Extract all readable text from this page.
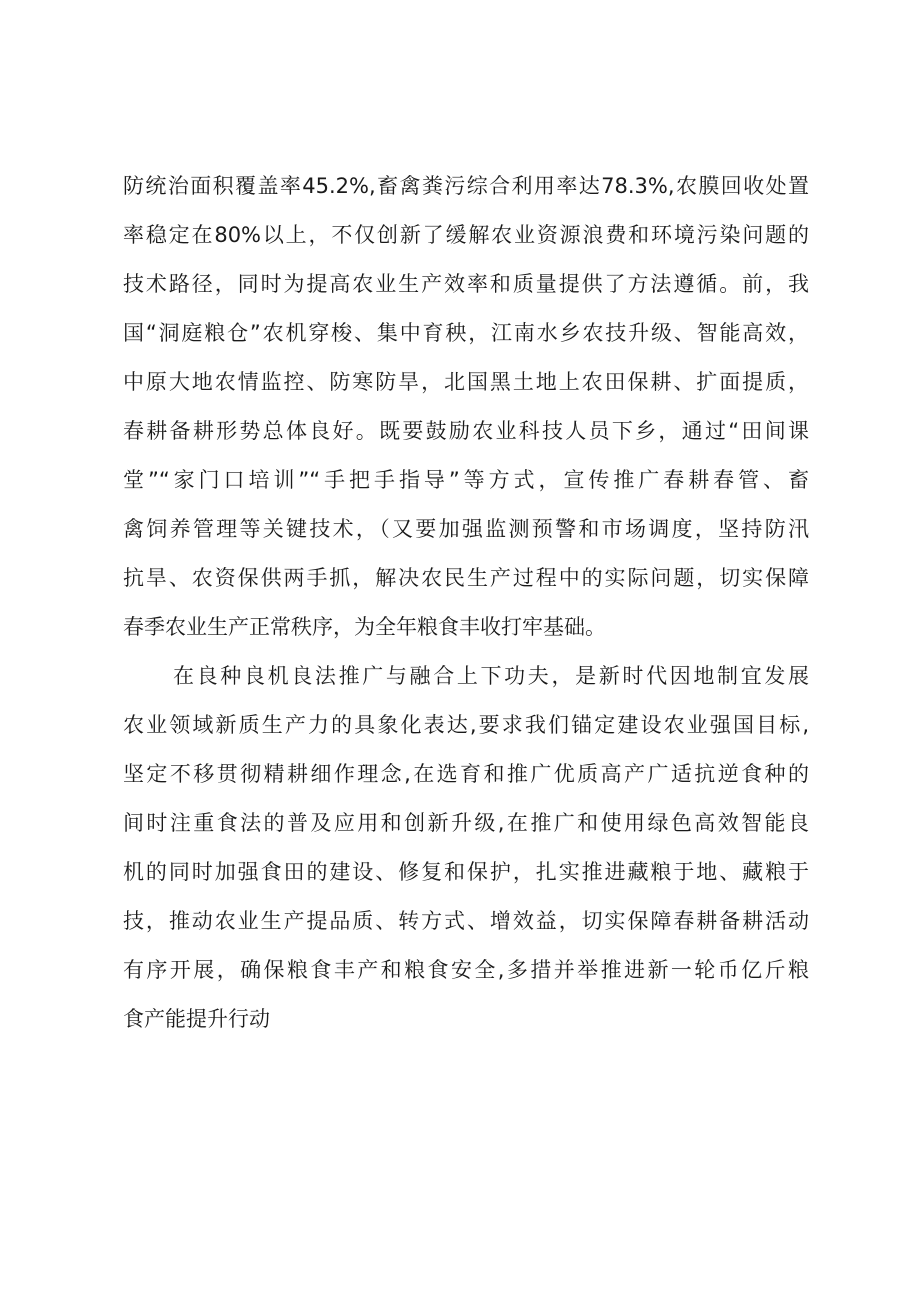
防统治面积覆盖率45.2%,畜禽粪污综合利用率达78.3%,农膜回收处置
率稳定在80%以上，不仅创新了缓解农业资源浪费和环境污染问题的
技术路径，同时为提高农业生产效率和质量提供了方法遵循。前，我
国“洞庭粮仓”农机穿梭、集中育秧，江南水乡农技升级、智能高效，
中原大地农情监控、防寒防旱，北国黑土地上农田保耕、扩面提质，
春耕备耕形势总体良好。既要鼓励农业科技人员下乡，通过“田间课
堂”“家门口培训”“手把手指导”等方式，宣传推广春耕春管、畜
禽饲养管理等关键技术，（又要加强监测预警和市场调度，坚持防汛
抗旱、农资保供两手抓，解决农民生产过程中的实际问题，切实保障
春季农业生产正常秩序，为全年粮食丰收打牢基础。
在良种良机良法推广与融合上下功夫，是新时代因地制宜发展
农业领域新质生产力的具象化表达,要求我们锚定建设农业强国目标,
坚定不移贯彻精耕细作理念,在选育和推广优质高产广适抗逆食种的
间时注重食法的普及应用和创新升级,在推广和使用绿色高效智能良
机的同时加强食田的建设、修复和保护，扎实推进藏粮于地、藏粮于
技，推动农业生产提品质、转方式、增效益，切实保障春耕备耕活动
有序开展，确保粮食丰产和粮食安全,多措并举推进新一轮币亿斤粮
食产能提升行动
